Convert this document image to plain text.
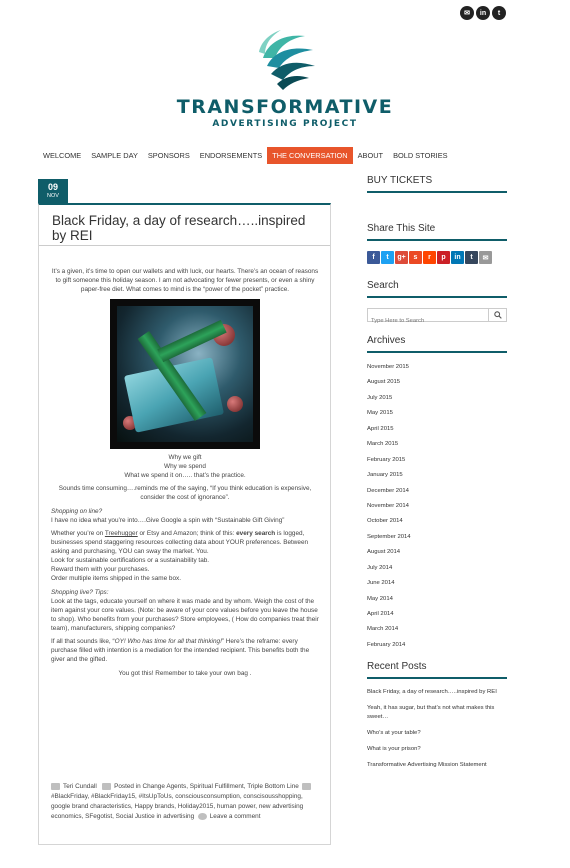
✉	in	t
TRANSFORMATIVE
ADVERTISING PROJECT
WELCOME	SAMPLE DAY	SPONSORS	ENDORSEMENTS	THE CONVERSATION	ABOUT	BOLD STORIES
09
NOV
Black Friday, a day of research…..inspired by REI

It’s a given, it’s time to open our wallets and with luck, our hearts. There’s an ocean of reasons to gift someone this holiday season. I am not advocating for fewer presents, or even a shiny paper-free diet. What comes to mind is the “power of the pocket” practice.

Why we gift

Why we spend

What we spend it on….. that’s the practice.

Sounds time consuming….reminds me of the saying, “If you think education is expensive, consider the cost of ignorance”.

Shopping on line?

I have no idea what you’re into….Give Google a spin with “Sustainable Gift Giving”

Whether you’re on Treehugger or Etsy and Amazon; think of this: every search is logged, businesses spend staggering resources collecting data about YOUR preferences. Between asking and purchasing, YOU can sway the market. You.

Look for sustainable certifications or a sustainability tab.

Reward them with your purchases.

Order multiple items shipped in the same box.

Shopping live? Tips:

Look at the tags, educate yourself on where it was made and by whom. Weigh the cost of the item against your core values. (Note: be aware of your core values before you leave the house to shop). Who benefits from your purchases? Store employees, ( How do companies treat their team), manufacturers, shipping companies?

If all that sounds like, “OY! Who has time for all that thinking!” Here’s the reframe: every purchase filled with intention is a mediation for the intended recipient. This benefits both the giver and the gifted.

You got this! Remember to take your own bag .

Teri Cundall	Posted in Change Agents, Spiritual Fulfillment, Triple Bottom Line  #BlackFriday, #BlackFriday15, #ItsUpToUs, consciousconsumption, conscisousshopping, google brand characteristics, Happy brands, Holiday2015, human power, new advertising economics, SFegotist, Social Justice in advertising Leave a comment
BUY TICKETS
Share This Site
f	t	g+	s	r	p	in	t	✉
Search
Type Here to Search
Archives
November 2015
August 2015
July 2015
May 2015
April 2015
March 2015
February 2015
January 2015
December 2014
November 2014
October 2014
September 2014
August 2014
July 2014
June 2014
May 2014
April 2014
March 2014
February 2014
Recent Posts
Black Friday, a day of research…..inspired by REI
Yeah, it has sugar, but that’s not what makes this sweet…
Who’s at your table?
What is your prison?
Transformative Advertising Mission Statement
